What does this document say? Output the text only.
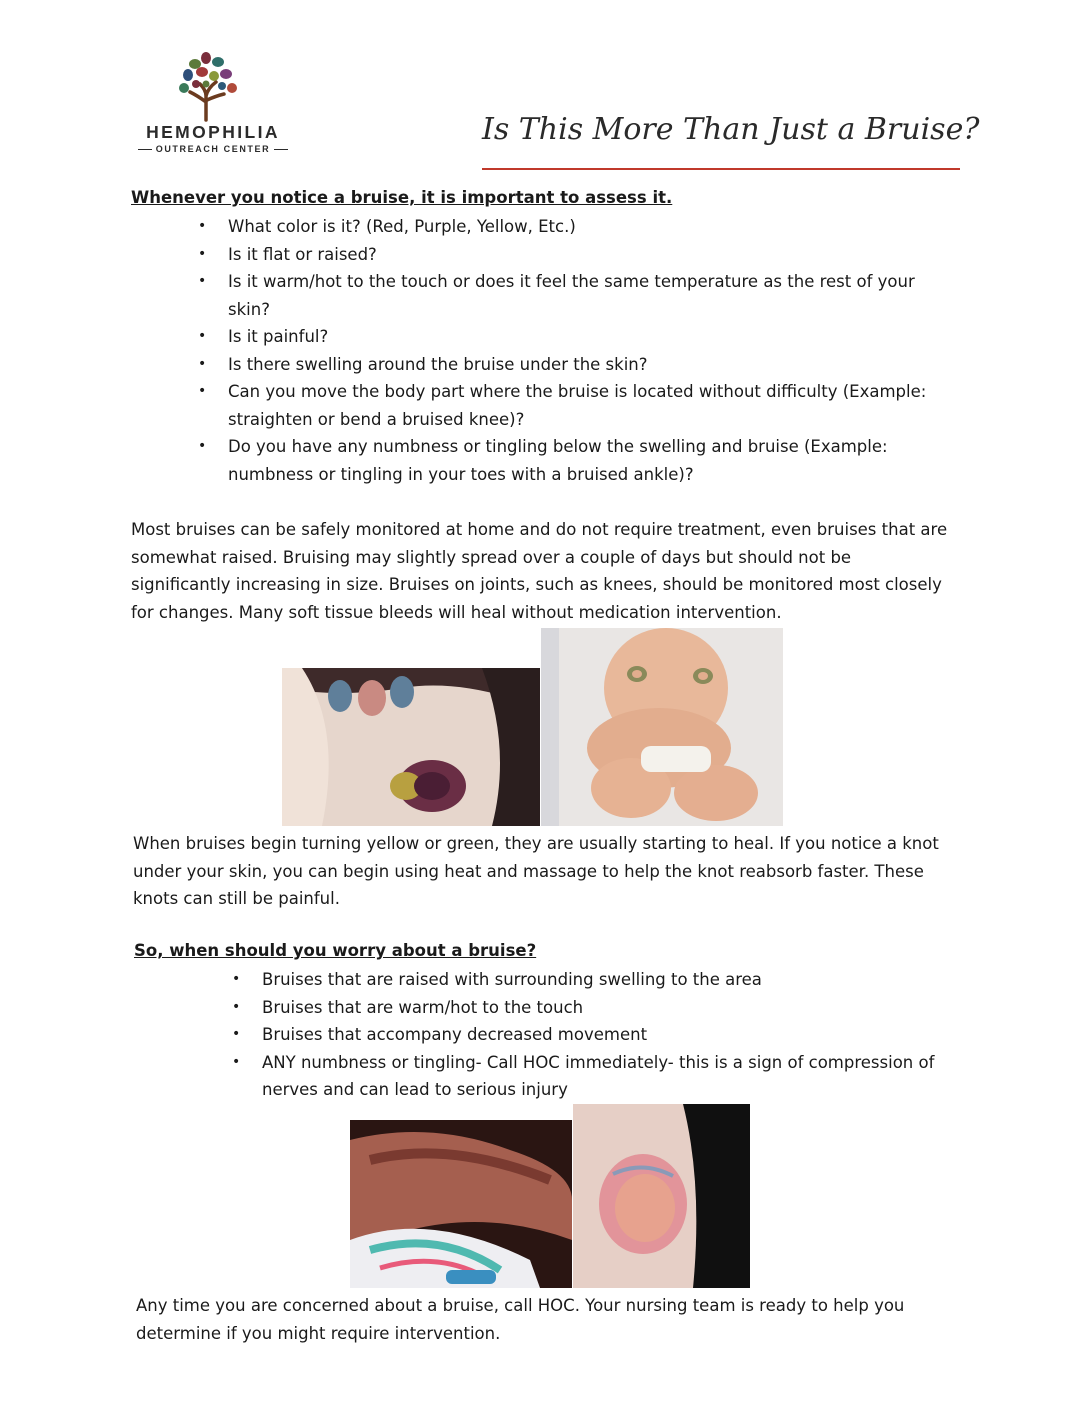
HEMOPHILIA
OUTREACH CENTER
Is This More Than Just a Bruise?
Whenever you notice a bruise, it is important to assess it.
• What color is it? (Red, Purple, Yellow, Etc.)
• Is it flat or raised?
• Is it warm/hot to the touch or does it feel the same temperature as the rest of your skin?
• Is it painful?
• Is there swelling around the bruise under the skin?
• Can you move the body part where the bruise is located without difficulty (Example: straighten or bend a bruised knee)?
• Do you have any numbness or tingling below the swelling and bruise (Example: numbness or tingling in your toes with a bruised ankle)?
Most bruises can be safely monitored at home and do not require treatment, even bruises that are somewhat raised. Bruising may slightly spread over a couple of days but should not be significantly increasing in size. Bruises on joints, such as knees, should be monitored most closely for changes. Many soft tissue bleeds will heal without medication intervention.
When bruises begin turning yellow or green, they are usually starting to heal. If you notice a knot under your skin, you can begin using heat and massage to help the knot reabsorb faster. These knots can still be painful.
So, when should you worry about a bruise?
• Bruises that are raised with surrounding swelling to the area
• Bruises that are warm/hot to the touch
• Bruises that accompany decreased movement
• ANY numbness or tingling- Call HOC immediately- this is a sign of compression of nerves and can lead to serious injury
Any time you are concerned about a bruise, call HOC. Your nursing team is ready to help you determine if you might require intervention.
